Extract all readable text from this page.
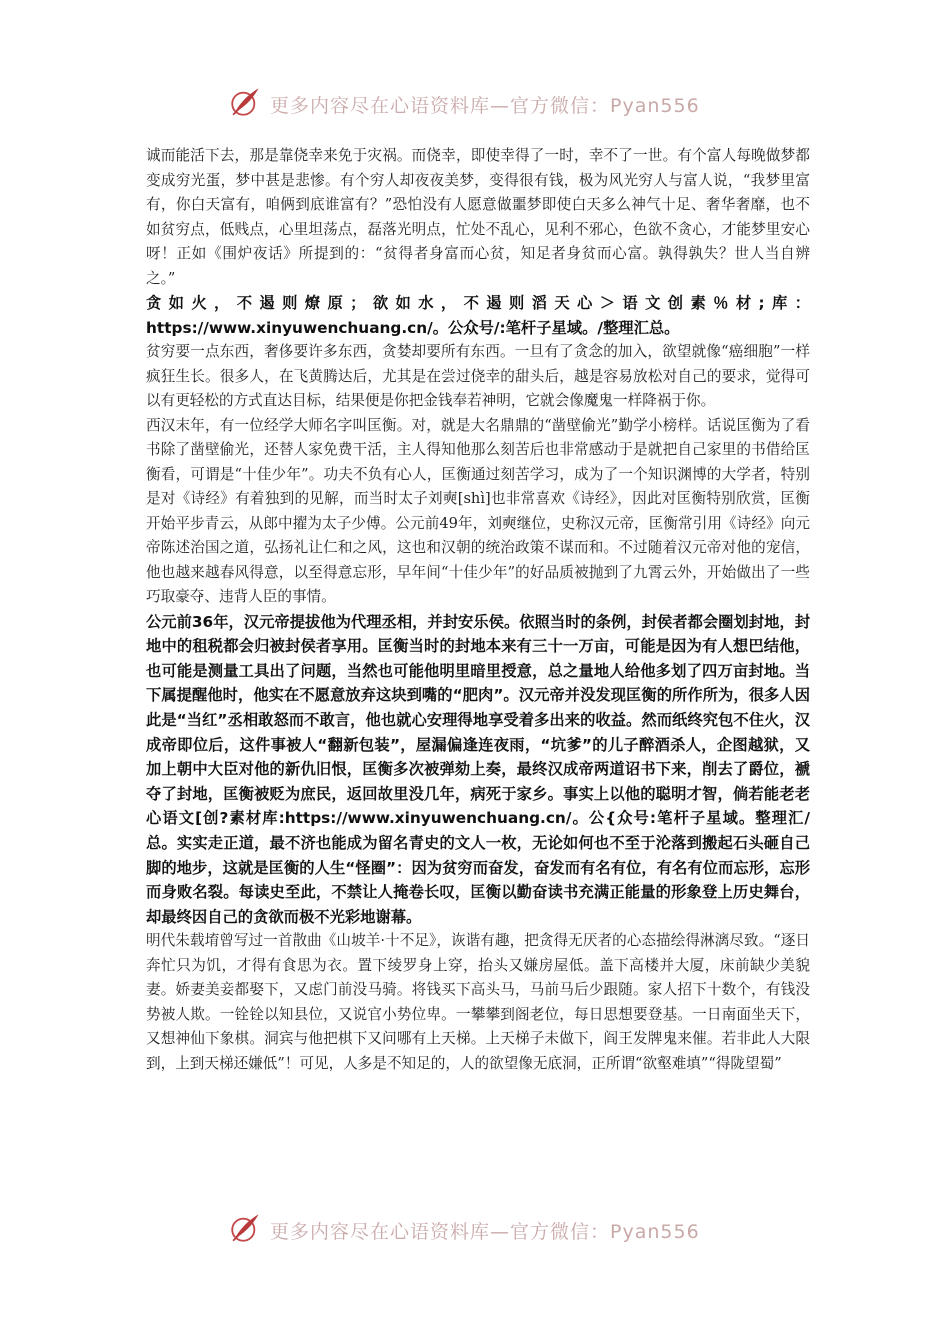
更多内容尽在心语资料库—官方微信：Pyan556

诚而能活下去，那是靠侥幸来免于灾祸。而侥幸，即使幸得了一时，幸不了一世。有个富人每晚做梦都变成穷光蛋，梦中甚是悲惨。有个穷人却夜夜美梦，变得很有钱，极为风光穷人与富人说，“我梦里富有，你白天富有，咱俩到底谁富有？”恐怕没有人愿意做噩梦即使白天多么神气十足、奢华奢靡，也不如贫穷点，低贱点，心里坦荡点，磊落光明点，忙处不乱心，见利不邪心，色欲不贪心，才能梦里安心呀！正如《围炉夜话》所提到的：“贫得者身富而心贫，知足者身贫而心富。孰得孰失？世人当自辨之。”

贪如火，不遏则燎原；欲如水，不遏则滔天心＞语文创素％材;库：https://www.xinyuwenchuang.cn/。公众号/:笔杆子星域。/整理汇总。

贫穷要一点东西，奢侈要许多东西，贪婪却要所有东西。一旦有了贪念的加入，欲望就像“癌细胞”一样疯狂生长。很多人，在飞黄腾达后，尤其是在尝过侥幸的甜头后，越是容易放松对自己的要求，觉得可以有更轻松的方式直达目标，结果便是你把金钱奉若神明，它就会像魔鬼一样降祸于你。

西汉末年，有一位经学大师名字叫匡衡。对，就是大名鼎鼎的“凿壁偷光”勤学小榜样。话说匡衡为了看书除了凿壁偷光，还替人家免费干活，主人得知他那么刻苦后也非常感动于是就把自己家里的书借给匡衡看，可谓是“十佳少年”。功夫不负有心人，匡衡通过刻苦学习，成为了一个知识渊博的大学者，特别是对《诗经》有着独到的见解，而当时太子刘奭[shì]也非常喜欢《诗经》，因此对匡衡特别欣赏，匡衡开始平步青云，从郎中擢为太子少傅。公元前49年，刘奭继位，史称汉元帝，匡衡常引用《诗经》向元帝陈述治国之道，弘扬礼让仁和之风，这也和汉朝的统治政策不谋而和。不过随着汉元帝对他的宠信，他也越来越春风得意，以至得意忘形，早年间“十佳少年”的好品质被抛到了九霄云外，开始做出了一些巧取豪夺、违背人臣的事情。

公元前36年，汉元帝提拔他为代理丞相，并封安乐侯。依照当时的条例，封侯者都会圈划封地，封地中的租税都会归被封侯者享用。匡衡当时的封地本来有三十一万亩，可能是因为有人想巴结他，也可能是测量工具出了问题，当然也可能他明里暗里授意，总之量地人给他多划了四万亩封地。当下属提醒他时，他实在不愿意放弃这块到嘴的“肥肉”。汉元帝并没发现匡衡的所作所为，很多人因此是“当红”丞相敢怒而不敢言，他也就心安理得地享受着多出来的收益。然而纸终究包不住火，汉成帝即位后，这件事被人“翻新包装”，屋漏偏逢连夜雨，“坑爹”的儿子醉酒杀人，企图越狱，又加上朝中大臣对他的新仇旧恨，匡衡多次被弹劾上奏，最终汉成帝两道诏书下来，削去了爵位，褫夺了封地，匡衡被贬为庶民，返回故里没几年，病死于家乡。事实上以他的聪明才智，倘若能老老心语文[创?素材库:https://www.xinyuwenchuang.cn/。公{众号:笔杆子星域。整理汇/总。实实走正道，最不济也能成为留名青史的文人一枚，无论如何也不至于沦落到搬起石头砸自己脚的地步，这就是匡衡的人生“怪圈”：因为贫穷而奋发，奋发而有名有位，有名有位而忘形，忘形而身败名裂。每读史至此，不禁让人掩卷长叹，匡衡以勤奋读书充满正能量的形象登上历史舞台，却最终因自己的贪欲而极不光彩地谢幕。

明代朱载堉曾写过一首散曲《山坡羊·十不足》，诙谐有趣，把贪得无厌者的心态描绘得淋漓尽致。“逐日奔忙只为饥，才得有食思为衣。置下绫罗身上穿，抬头又嫌房屋低。盖下高楼并大厦，床前缺少美貌妻。娇妻美妾都娶下，又虑门前没马骑。将钱买下高头马，马前马后少跟随。家人招下十数个，有钱没势被人欺。一铨铨以知县位，又说官小势位卑。一攀攀到阁老位，每日思想要登基。一日南面坐天下，又想神仙下象棋。洞宾与他把棋下又问哪有上天梯。上天梯子未做下，阎王发牌鬼来催。若非此人大限到，上到天梯还嫌低”！可见，人多是不知足的，人的欲望像无底洞，正所谓“欲壑难填”“得陇望蜀”

更多内容尽在心语资料库—官方微信：Pyan556
